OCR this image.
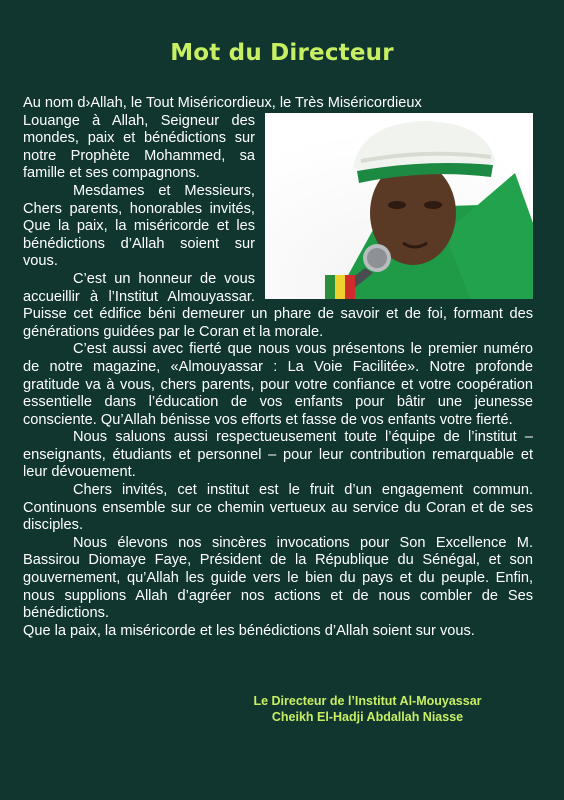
Mot du Directeur

Au nom d›Allah, le Tout Miséricordieux, le Très Miséricordieux

Louange à Allah, Seigneur des mondes, paix et bénédictions sur notre Prophète Mohammed, sa famille et ses compagnons.

Mesdames et Messieurs, Chers parents, honorables invités, Que la paix, la miséricorde et les bénédictions d’Allah soient sur vous.

C’est un honneur de vous accueillir à l’Institut Almouyassar. Puisse cet édifice béni demeurer un phare de savoir et de foi, formant des générations guidées par le Coran et la morale.

C’est aussi avec fierté que nous vous présentons le premier numéro de notre magazine, «Almouyassar : La Voie Facilitée». Notre profonde gratitude va à vous, chers parents, pour votre confiance et votre coopération essentielle dans l’éducation de vos enfants pour bâtir une jeunesse consciente. Qu’Allah bénisse vos efforts et fasse de vos enfants votre fierté.

Nous saluons aussi respectueusement toute l’équipe de l’institut – enseignants, étudiants et personnel – pour leur contribution remarquable et leur dévouement.

Chers invités, cet institut est le fruit d’un engagement commun. Continuons ensemble sur ce chemin vertueux au service du Coran et de ses disciples.

Nous élevons nos sincères invocations pour Son Excellence M. Bassirou Diomaye Faye, Président de la République du Sénégal, et son gouvernement, qu’Allah les guide vers le bien du pays et du peuple. Enfin, nous supplions Allah d’agréer nos actions et de nous combler de Ses bénédictions.

Que la paix, la miséricorde et les bénédictions d’Allah soient sur vous.

Le Directeur de l’Institut Al-Mouyassar
Cheikh El-Hadji Abdallah Niasse
